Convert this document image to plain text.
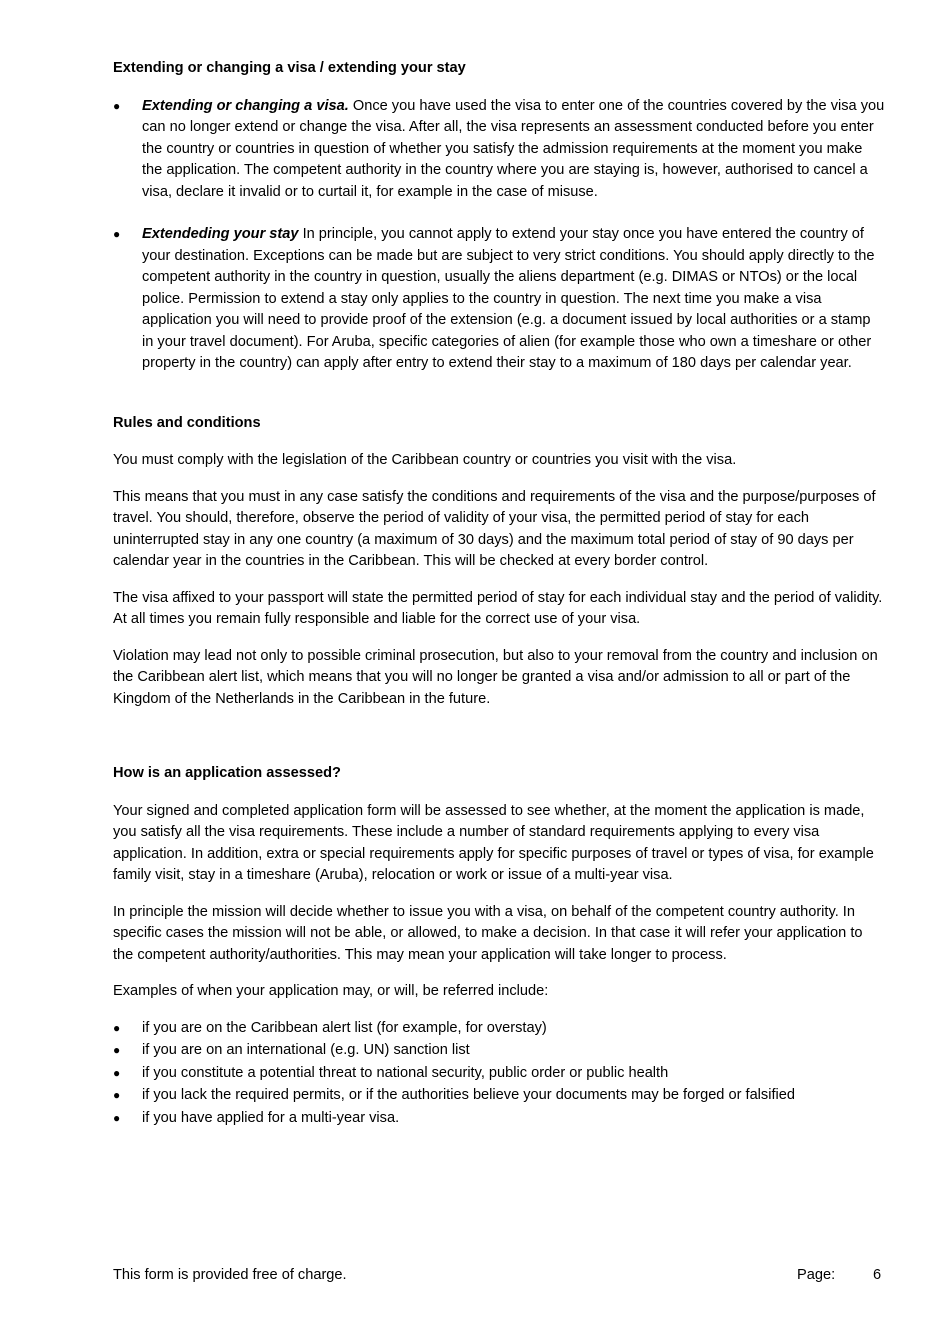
Extending or changing a visa / extending your stay
●	Extending or changing a visa. Once you have used the visa to enter one of the countries covered by the visa you can no longer extend or change the visa. After all, the visa represents an assessment conducted before you enter the country or countries in question of whether you satisfy the admission requirements at the moment you make the application. The competent authority in the country where you are staying is, however, authorised to cancel a visa, declare it invalid or to curtail it, for example in the case of misuse.
●	Extendeding your stay In principle, you cannot apply to extend your stay once you have entered the country of your destination. Exceptions can be made but are subject to very strict conditions. You should apply directly to the competent authority in the country in question, usually the aliens department (e.g. DIMAS or NTOs) or the local police. Permission to extend a stay only applies to the country in question. The next time you make a visa application you will need to provide proof of the extension (e.g. a document issued by local authorities or a stamp in your travel document). For Aruba, specific categories of alien (for example those who own a timeshare or other property in the country) can apply after entry to extend their stay to a maximum of 180 days per calendar year.
Rules and conditions

You must comply with the legislation of the Caribbean country or countries you visit with the visa.

This means that you must in any case satisfy the conditions and requirements of the visa and the purpose/purposes of travel. You should, therefore, observe the period of validity of your visa, the permitted period of stay for each uninterrupted stay in any one country (a maximum of 30 days) and the maximum total period of stay of 90 days per calendar year in the countries in the Caribbean. This will be checked at every border control.

The visa affixed to your passport will state the permitted period of stay for each individual stay and the period of validity. At all times you remain fully responsible and liable for the correct use of your visa.

Violation may lead not only to possible criminal prosecution, but also to your removal from the country and inclusion on the Caribbean alert list, which means that you will no longer be granted a visa and/or admission to all or part of the Kingdom of the Netherlands in the Caribbean in the future.

How is an application assessed?

Your signed and completed application form will be assessed to see whether, at the moment the application is made, you satisfy all the visa requirements. These include a number of standard requirements applying to every visa application. In addition, extra or special requirements apply for specific purposes of travel or types of visa, for example family visit, stay in a timeshare (Aruba), relocation or work or issue of a multi-year visa.

In principle the mission will decide whether to issue you with a visa, on behalf of the competent country authority. In specific cases the mission will not be able, or allowed, to make a decision. In that case it will refer your application to the competent authority/authorities. This may mean your application will take longer to process.

Examples of when your application may, or will, be referred include:

●	if you are on the Caribbean alert list (for example, for overstay)
●	if you are on an international (e.g. UN) sanction list
●	if you constitute a potential threat to national security, public order or public health
●	if you lack the required permits, or if the authorities believe your documents may be forged or falsified
●	if you have applied for a multi-year visa.
This form is provided free of charge.	Page:	6
